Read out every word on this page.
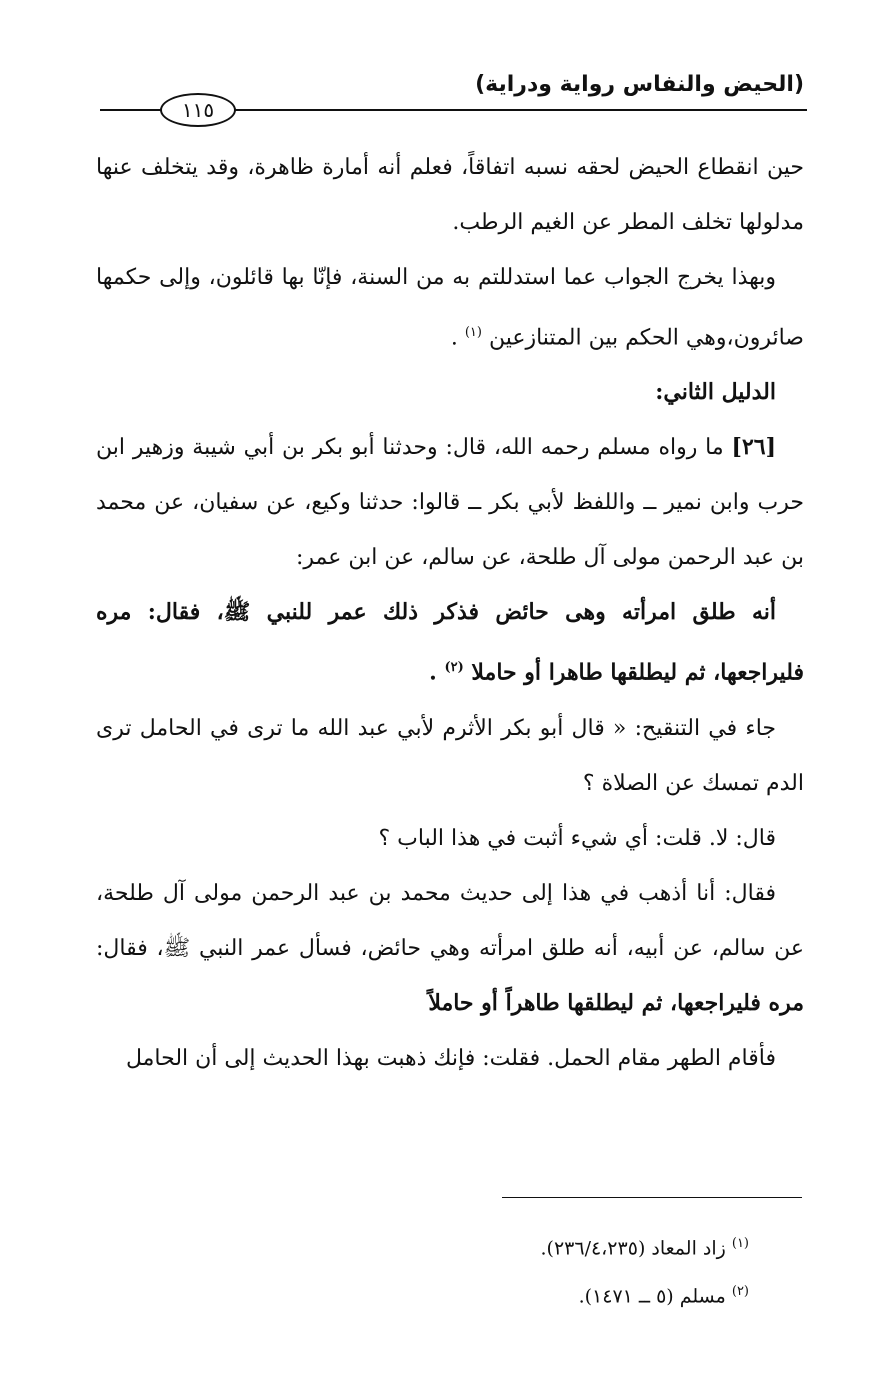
(الحيض والنفاس رواية ودراية)
١١٥

حين انقطاع الحيض لحقه نسبه اتفاقاً، فعلم أنه أمارة ظاهرة، وقد يتخلف عنها مدلولها تخلف المطر عن الغيم الرطب.

وبهذا يخرج الجواب عما استدللتم به من السنة، فإنّا بها قائلون، وإلى حكمها صائرون،وهي الحكم بين المتنازعين $^{(١)}$ .

الدليل الثاني:

[٢٦] ما رواه مسلم رحمه الله، قال: وحدثنا أبو بكر بن أبي شيبة وزهير ابن حرب وابن نمير ــ واللفظ لأبي بكر ــ قالوا: حدثنا وكيع، عن سفيان، عن محمد بن عبد الرحمن مولى آل طلحة، عن سالم، عن ابن عمر:

أنه طلق امرأته وهى حائض فذكر ذلك عمر للنبي ﷺ، فقال: مره فليراجعها، ثم ليطلقها طاهرا أو حاملا $^{(٢)}$ .

جاء في التنقيح: « قال أبو بكر الأثرم لأبي عبد الله ما ترى في الحامل ترى الدم تمسك عن الصلاة ؟

قال: لا. قلت: أي شيء أثبت في هذا الباب ؟

فقال: أنا أذهب في هذا إلى حديث محمد بن عبد الرحمن مولى آل طلحة، عن سالم، عن أبيه، أنه طلق امرأته وهي حائض، فسأل عمر النبي ﷺ، فقال: مره فليراجعها، ثم ليطلقها طاهراً أو حاملاً

فأقام الطهر مقام الحمل. فقلت: فإنك ذهبت بهذا الحديث إلى أن الحامل

$^{(١)}$ زاد المعاد (٢٣٦/٤،٢٣٥).
$^{(٢)}$ مسلم (٥ ــ ١٤٧١).
